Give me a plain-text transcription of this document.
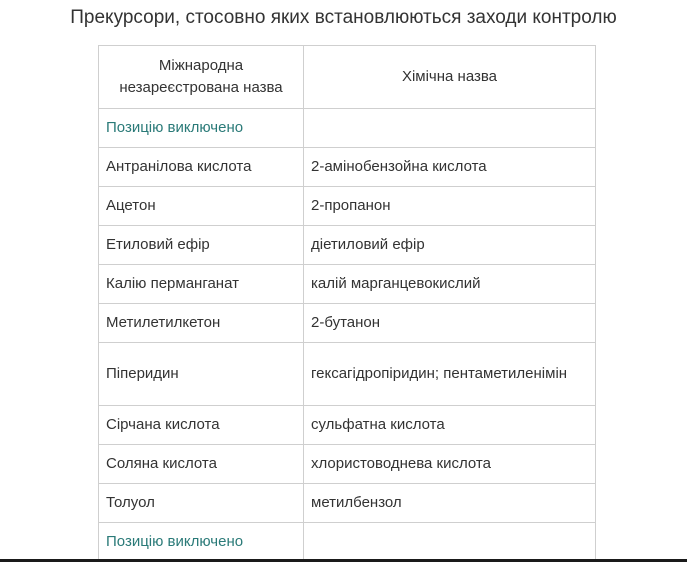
Прекурсори, стосовно яких встановлюються заходи контролю
Міжнародна незареєстрована назва	Хімічна назва
Позицію виключено	
Антранілова кислота	2-амінобензойна кислота
Ацетон	2-пропанон
Етиловий ефір	діетиловий ефір
Калію перманганат	калій марганцевокислий
Метилетилкетон	2-бутанон
Піперидин	гексагідропіридин; пентаметиленімін
Сірчана кислота	сульфатна кислота
Соляна кислота	хлористоводнева кислота
Толуол	метилбензол
Позицію виключено	
